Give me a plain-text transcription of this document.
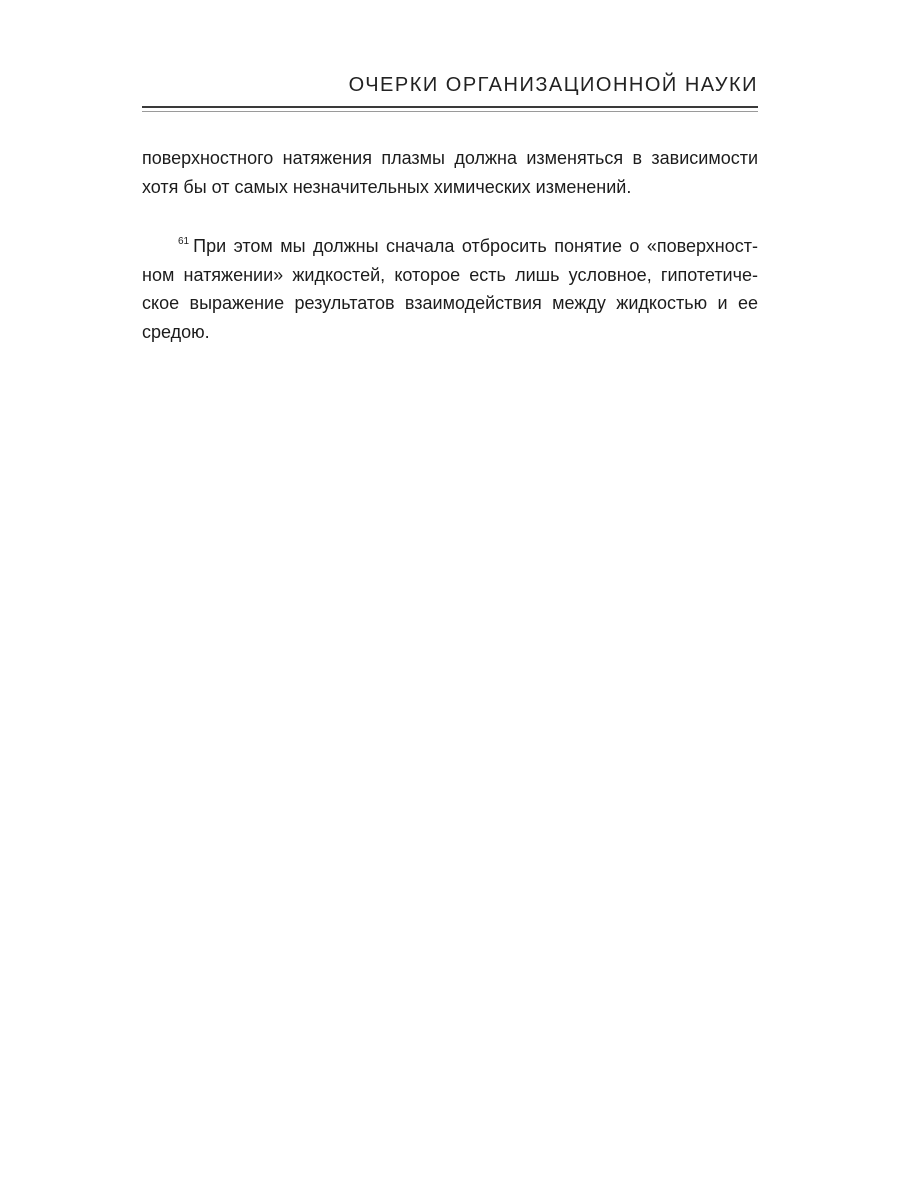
ОЧЕРКИ ОРГАНИЗАЦИОННОЙ НАУКИ
поверхностного натяжения плазмы должна изменяться в зависимости
хотя бы от самых незначительных химических изменений.
$^{61}$ При этом мы должны сначала отбросить понятие о «поверхност-
ном натяжении» жидкостей, которое есть лишь условное, гипотетиче-
ское выражение результатов взаимодействия между жидкостью и ее
средою.
